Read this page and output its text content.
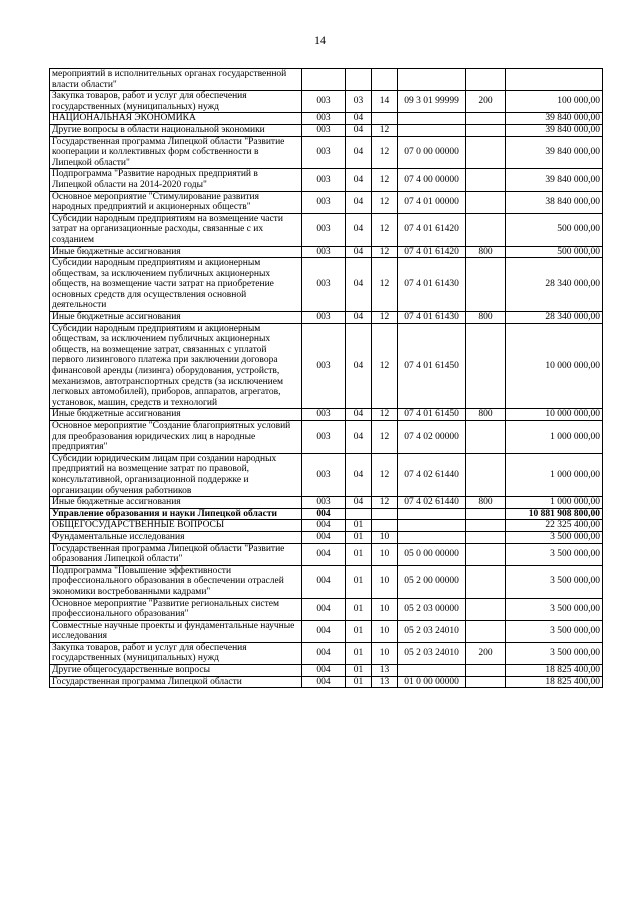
14
мероприятий в исполнительных органах государственной власти области"						
Закупка товаров, работ и услуг для обеспечения государственных (муниципальных) нужд	003	03	14	09 3 01 99999	200	100 000,00
НАЦИОНАЛЬНАЯ ЭКОНОМИКА	003	04				39 840 000,00
Другие вопросы в области национальной экономики	003	04	12			39 840 000,00
Государственная программа Липецкой области "Развитие кооперации и коллективных форм собственности в Липецкой области"	003	04	12	07 0 00 00000		39 840 000,00
Подпрограмма "Развитие народных предприятий в Липецкой области на 2014-2020 годы"	003	04	12	07 4 00 00000		39 840 000,00
Основное мероприятие "Стимулирование развития народных предприятий и акционерных обществ"	003	04	12	07 4 01 00000		38 840 000,00
Субсидии народным предприятиям на возмещение части затрат на организационные расходы, связанные с их созданием	003	04	12	07 4 01 61420		500 000,00
Иные бюджетные ассигнования	003	04	12	07 4 01 61420	800	500 000,00
Субсидии народным предприятиям и акционерным обществам, за исключением публичных акционерных обществ, на возмещение части затрат на приобретение основных средств для осуществления основной деятельности	003	04	12	07 4 01 61430		28 340 000,00
Иные бюджетные ассигнования	003	04	12	07 4 01 61430	800	28 340 000,00
Субсидии народным предприятиям и акционерным обществам, за исключением публичных акционерных обществ, на возмещение затрат, связанных с уплатой первого лизингового платежа при заключении договора финансовой аренды (лизинга) оборудования, устройств, механизмов, автотранспортных средств (за исключением легковых автомобилей), приборов, аппаратов, агрегатов, установок, машин, средств и технологий	003	04	12	07 4 01 61450		10 000 000,00
Иные бюджетные ассигнования	003	04	12	07 4 01 61450	800	10 000 000,00
Основное мероприятие "Создание благоприятных условий для преобразования юридических лиц в народные предприятия"	003	04	12	07 4 02 00000		1 000 000,00
Субсидии юридическим лицам при создании народных предприятий на возмещение затрат по правовой, консультативной, организационной поддержке и организации обучения работников	003	04	12	07 4 02 61440		1 000 000,00
Иные бюджетные ассигнования	003	04	12	07 4 02 61440	800	1 000 000,00
Управление образования и науки Липецкой области	004					10 881 908 800,00
ОБЩЕГОСУДАРСТВЕННЫЕ ВОПРОСЫ	004	01				22 325 400,00
Фундаментальные исследования	004	01	10			3 500 000,00
Государственная программа Липецкой области "Развитие образования Липецкой области"	004	01	10	05 0 00 00000		3 500 000,00
Подпрограмма "Повышение эффективности профессионального образования в обеспечении отраслей экономики востребованными кадрами"	004	01	10	05 2 00 00000		3 500 000,00
Основное мероприятие "Развитие региональных систем профессионального образования"	004	01	10	05 2 03 00000		3 500 000,00
Совместные научные проекты и фундаментальные научные исследования	004	01	10	05 2 03 24010		3 500 000,00
Закупка товаров, работ и услуг для обеспечения государственных (муниципальных) нужд	004	01	10	05 2 03 24010	200	3 500 000,00
Другие общегосударственные вопросы	004	01	13			18 825 400,00
Государственная программа Липецкой области	004	01	13	01 0 00 00000		18 825 400,00
